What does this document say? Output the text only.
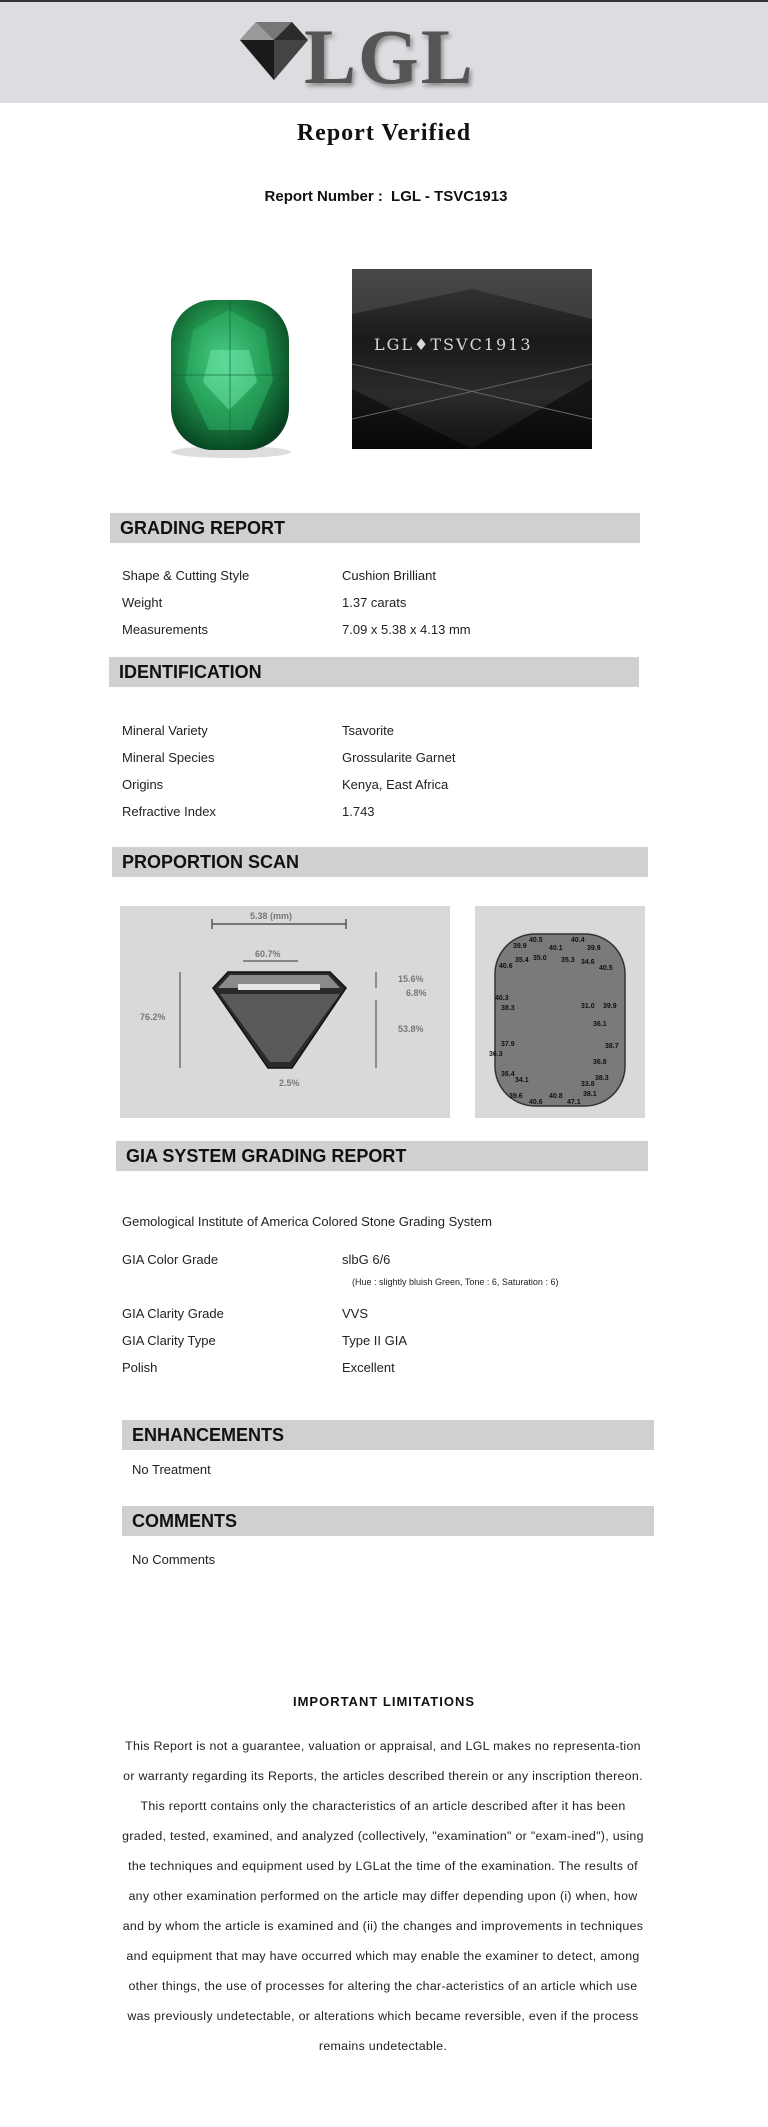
LGL
Report Verified
Report Number : LGL - TSVC1913
LGL♦TSVC1913
GRADING REPORT
Shape & Cutting Style	Cushion Brilliant
Weight	1.37 carats
Measurements	7.09 x 5.38 x 4.13 mm
IDENTIFICATION
Mineral Variety	Tsavorite
Mineral Species	Grossularite Garnet
Origins	Kenya, East Africa
Refractive Index	1.743
PROPORTION SCAN
5.38 (mm)
60.7%
76.2%
15.6%
6.8%
53.8%
2.5%
39.9
40.5
40.1
40.4
39.9
40.6
35.4 35.0 35.3 34.6
40.5
40.3
38.3	31.0 39.9
36.1
38.7
37.9
36.3
36.8
36.4
34.1	38.3
33.8
39.6
40.6
40.8
47.1
38.1
GIA SYSTEM GRADING REPORT
Gemological Institute of America Colored Stone Grading System
GIA Color Grade	slbG 6/6
(Hue : slightly bluish Green, Tone : 6, Saturation : 6)
GIA Clarity Grade	VVS
GIA Clarity Type	Type II GIA
Polish	Excellent
ENHANCEMENTS
No Treatment
COMMENTS
No Comments
IMPORTANT LIMITATIONS
This Report is not a guarantee, valuation or appraisal, and LGL makes no representa-tion or warranty regarding its Reports, the articles described therein or any inscription thereon. This reportt contains only the characteristics of an article described after it has been graded, tested, examined, and analyzed (collectively, "examination" or "exam-ined"), using the techniques and equipment used by LGLat the time of the examination. The results of any other examination performed on the article may differ depending upon (i) when, how and by whom the article is examined and (ii) the changes and improvements in techniques and equipment that may have occurred which may enable the examiner to detect, among other things, the use of processes for altering the char-acteristics of an article which use was previously undetectable, or alterations which became reversible, even if the process remains undetectable.
